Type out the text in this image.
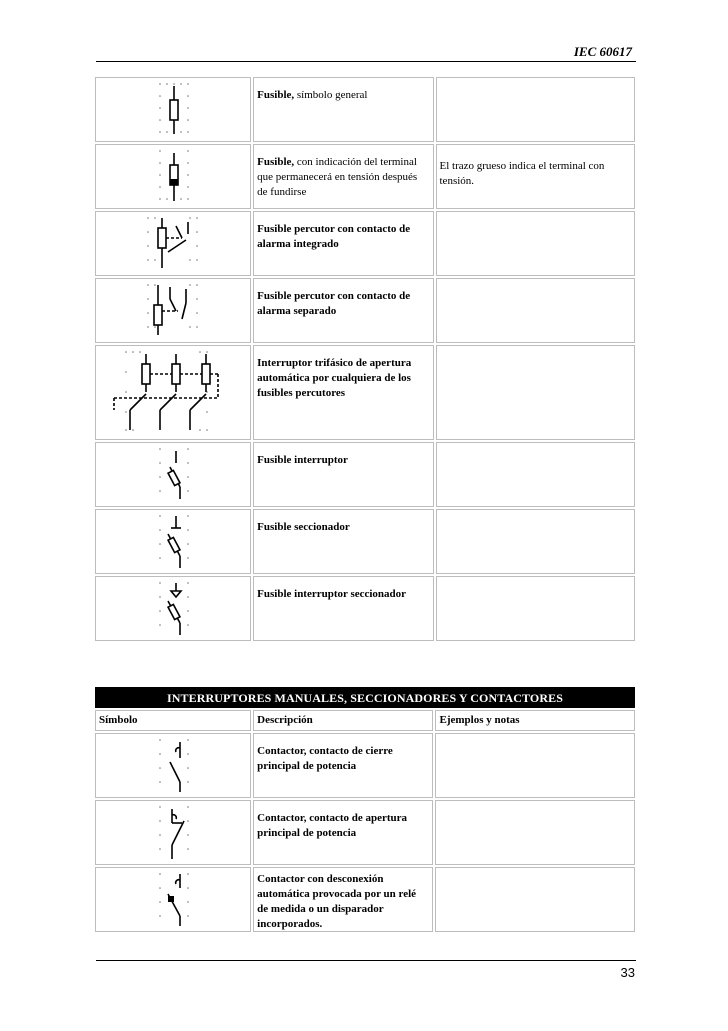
IEC 60617
	Fusible, símbolo general	

	Fusible, con indicación del terminal que permanecerá en tensión después de fundirse	El trazo grueso indica el terminal con tensión.

	Fusible percutor con contacto de alarma integrado	

	Fusible percutor con contacto de alarma separado	

	Interruptor trifásico de apertura automática por cualquiera de los fusibles percutores	

	Fusible interruptor	

	Fusible seccionador	

	Fusible interruptor seccionador	
INTERRUPTORES MANUALES, SECCIONADORES Y CONTACTORES		
Símbolo	Descripción	Ejemplos y notas

	Contactor, contacto de cierre principal de potencia	

	Contactor, contacto de apertura principal de potencia	

	Contactor con desconexión automática provocada por un relé de medida o un disparador incorporados.	
33
